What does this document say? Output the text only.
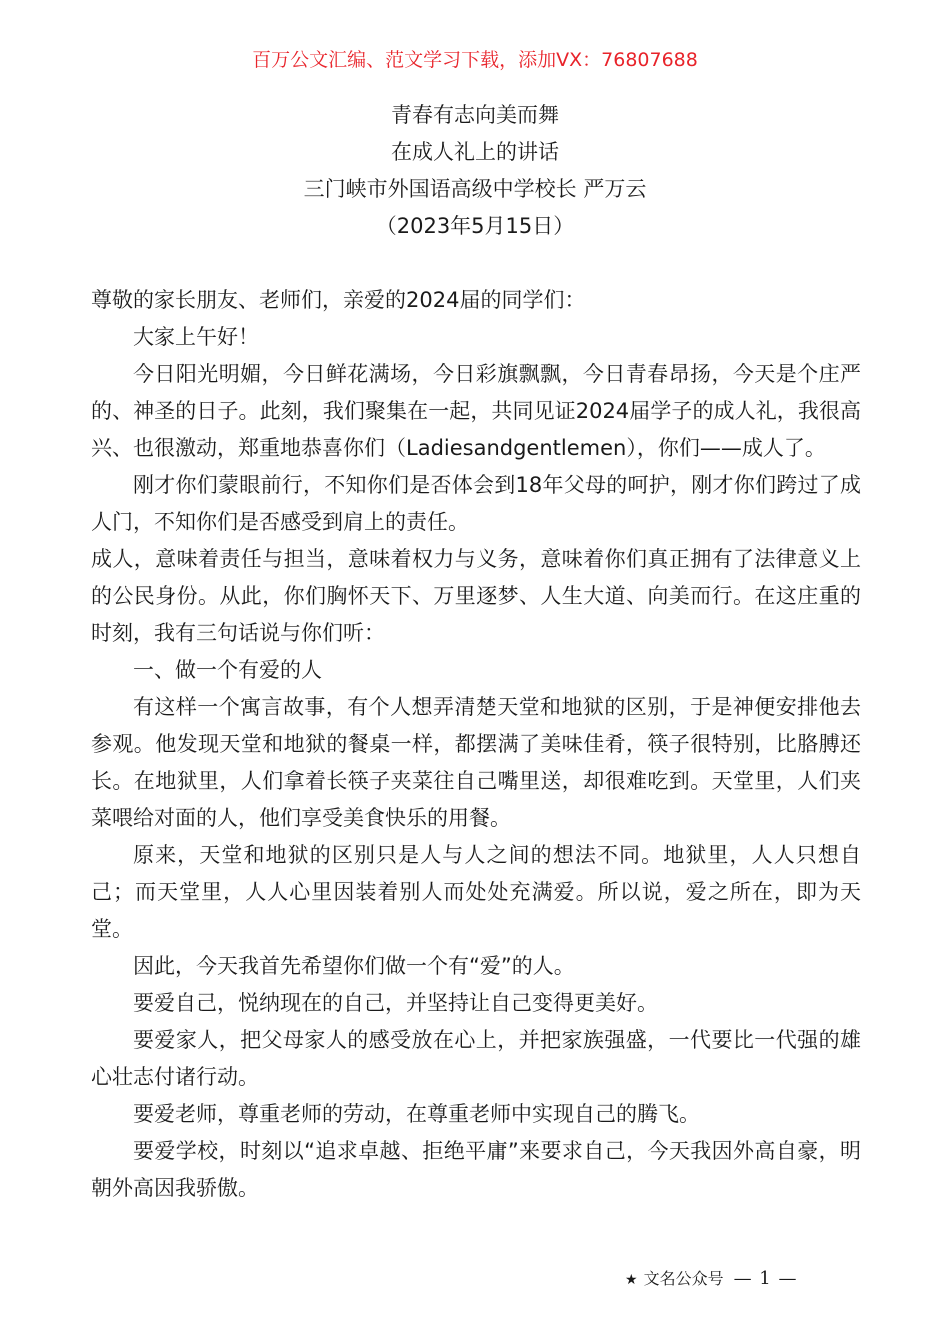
百万公文汇编、范文学习下载，添加VX：76807688
青春有志向美而舞
在成人礼上的讲话
三门峡市外国语高级中学校长 严万云
（2023年5月15日）

尊敬的家长朋友、老师们，亲爱的2024届的同学们：

大家上午好！

今日阳光明媚，今日鲜花满场，今日彩旗飘飘，今日青春昂扬，今天是个庄严的、神圣的日子。此刻，我们聚集在一起，共同见证2024届学子的成人礼，我很高兴、也很激动，郑重地恭喜你们（Ladiesandgentlemen），你们——成人了。

刚才你们蒙眼前行，不知你们是否体会到18年父母的呵护，刚才你们跨过了成人门，不知你们是否感受到肩上的责任。

成人，意味着责任与担当，意味着权力与义务，意味着你们真正拥有了法律意义上的公民身份。从此，你们胸怀天下、万里逐梦、人生大道、向美而行。在这庄重的时刻，我有三句话说与你们听：

一、做一个有爱的人

有这样一个寓言故事，有个人想弄清楚天堂和地狱的区别，于是神便安排他去参观。他发现天堂和地狱的餐桌一样，都摆满了美味佳肴，筷子很特别，比胳膊还长。在地狱里，人们拿着长筷子夹菜往自己嘴里送，却很难吃到。天堂里，人们夹菜喂给对面的人，他们享受美食快乐的用餐。

原来，天堂和地狱的区别只是人与人之间的想法不同。地狱里，人人只想自己；而天堂里，人人心里因装着别人而处处充满爱。所以说，爱之所在，即为天堂。

因此，今天我首先希望你们做一个有“爱”的人。

要爱自己，悦纳现在的自己，并坚持让自己变得更美好。

要爱家人，把父母家人的感受放在心上，并把家族强盛，一代要比一代强的雄心壮志付诸行动。

要爱老师，尊重老师的劳动，在尊重老师中实现自己的腾飞。

要爱学校，时刻以“追求卓越、拒绝平庸”来要求自己，今天我因外高自豪，明朝外高因我骄傲。

★ 文名公众号 — 1 —
